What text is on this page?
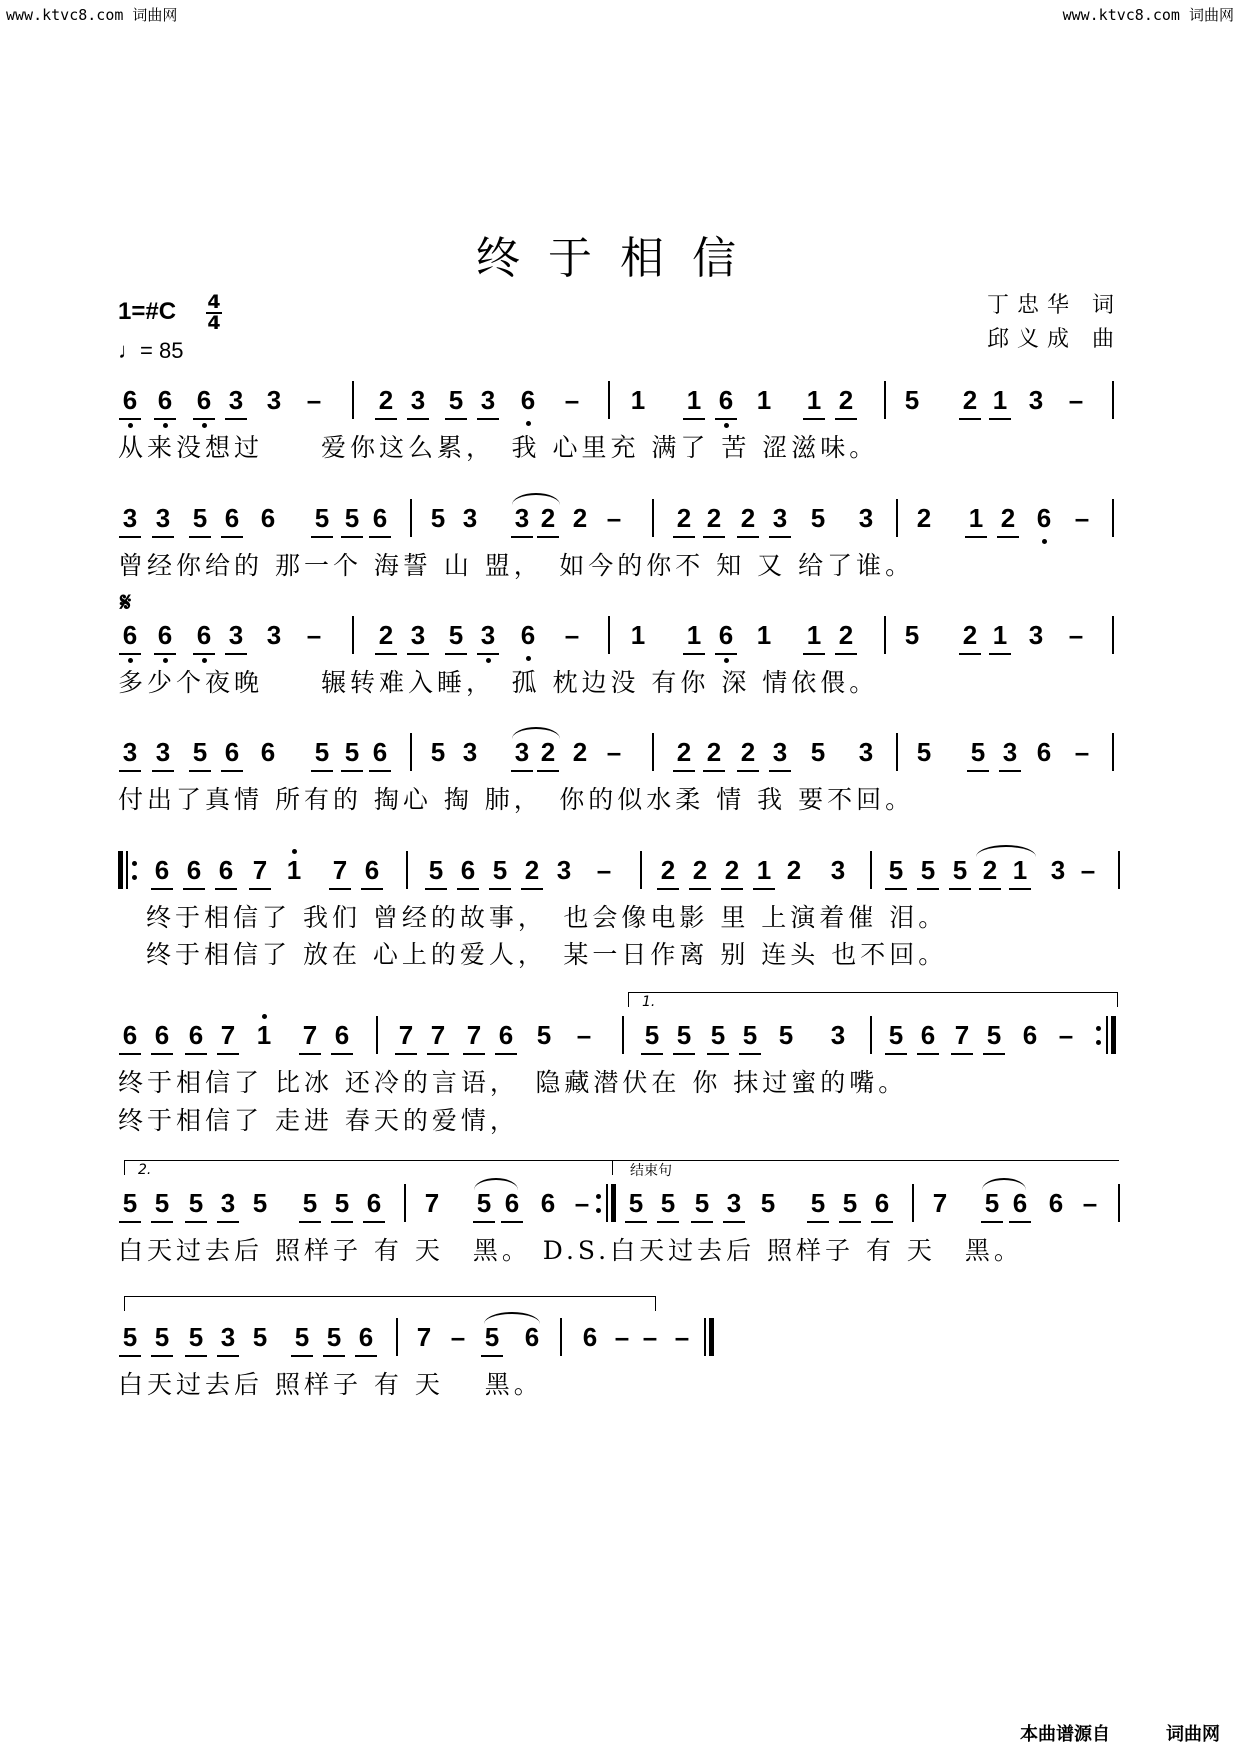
www.ktvc8.com 词曲网	www.ktvc8.com 词曲网
终于相信
丁忠华 词
邱义成 曲
1=#C 4
4
♩= 85
6 6 6 3 3 – 2 3 5 3 6 – 1 1 6 1 1 2 5 2 1 3 –
从来没想过　　爱你这么累，　我 心里充 满了 苦 涩滋味。
3 3 5 6 6 5 5 6 5 3 3 2 2 – 2 2 2 3 5 3 2 1 2 6 –
曾经你给的 那一个 海誓 山 盟，　如今的你不 知 又 给了谁。
𝄋
6 6 6 3 3 – 2 3 5 3 6 – 1 1 6 1 1 2 5 2 1 3 –
多少个夜晚　　辗转难入睡，　孤 枕边没 有你 深 情依偎。
3 3 5 6 6 5 5 6 5 3 3 2 2 – 2 2 2 3 5 3 5 5 3 6 –
付出了真情 所有的 掏心 掏 肺，　你的似水柔 情 我 要不回。
6 6 6 7 1 7 6 5 6 5 2 3 – 2 2 2 1 2 3 5 5 5 2 1 3 –
终于相信了 我们 曾经的故事，　也会像电影 里 上演着催 泪。
终于相信了 放在 心上的爱人，　某一日作离 别 连头 也不回。
1.
6 6 6 7 1 7 6 7 7 7 6 5 – 5 5 5 5 5 3 5 6 7 5 6 –
终于相信了 比冰 还冷的言语，　隐藏潜伏在 你 抹过蜜的嘴。
终于相信了 走进 春天的爱情，
2.	结束句
5 5 5 3 5 5 5 6 7 5 6 6 – 5 5 5 3 5 5 5 6 7 5 6 6 –
白天过去后 照样子 有 天　黑。 D.S.白天过去后 照样子 有 天　黑。
5 5 5 3 5 5 5 6 7 – 5 6 6 – – –
白天过去后 照样子 有 天　 黑。
本曲谱源自	词曲网
